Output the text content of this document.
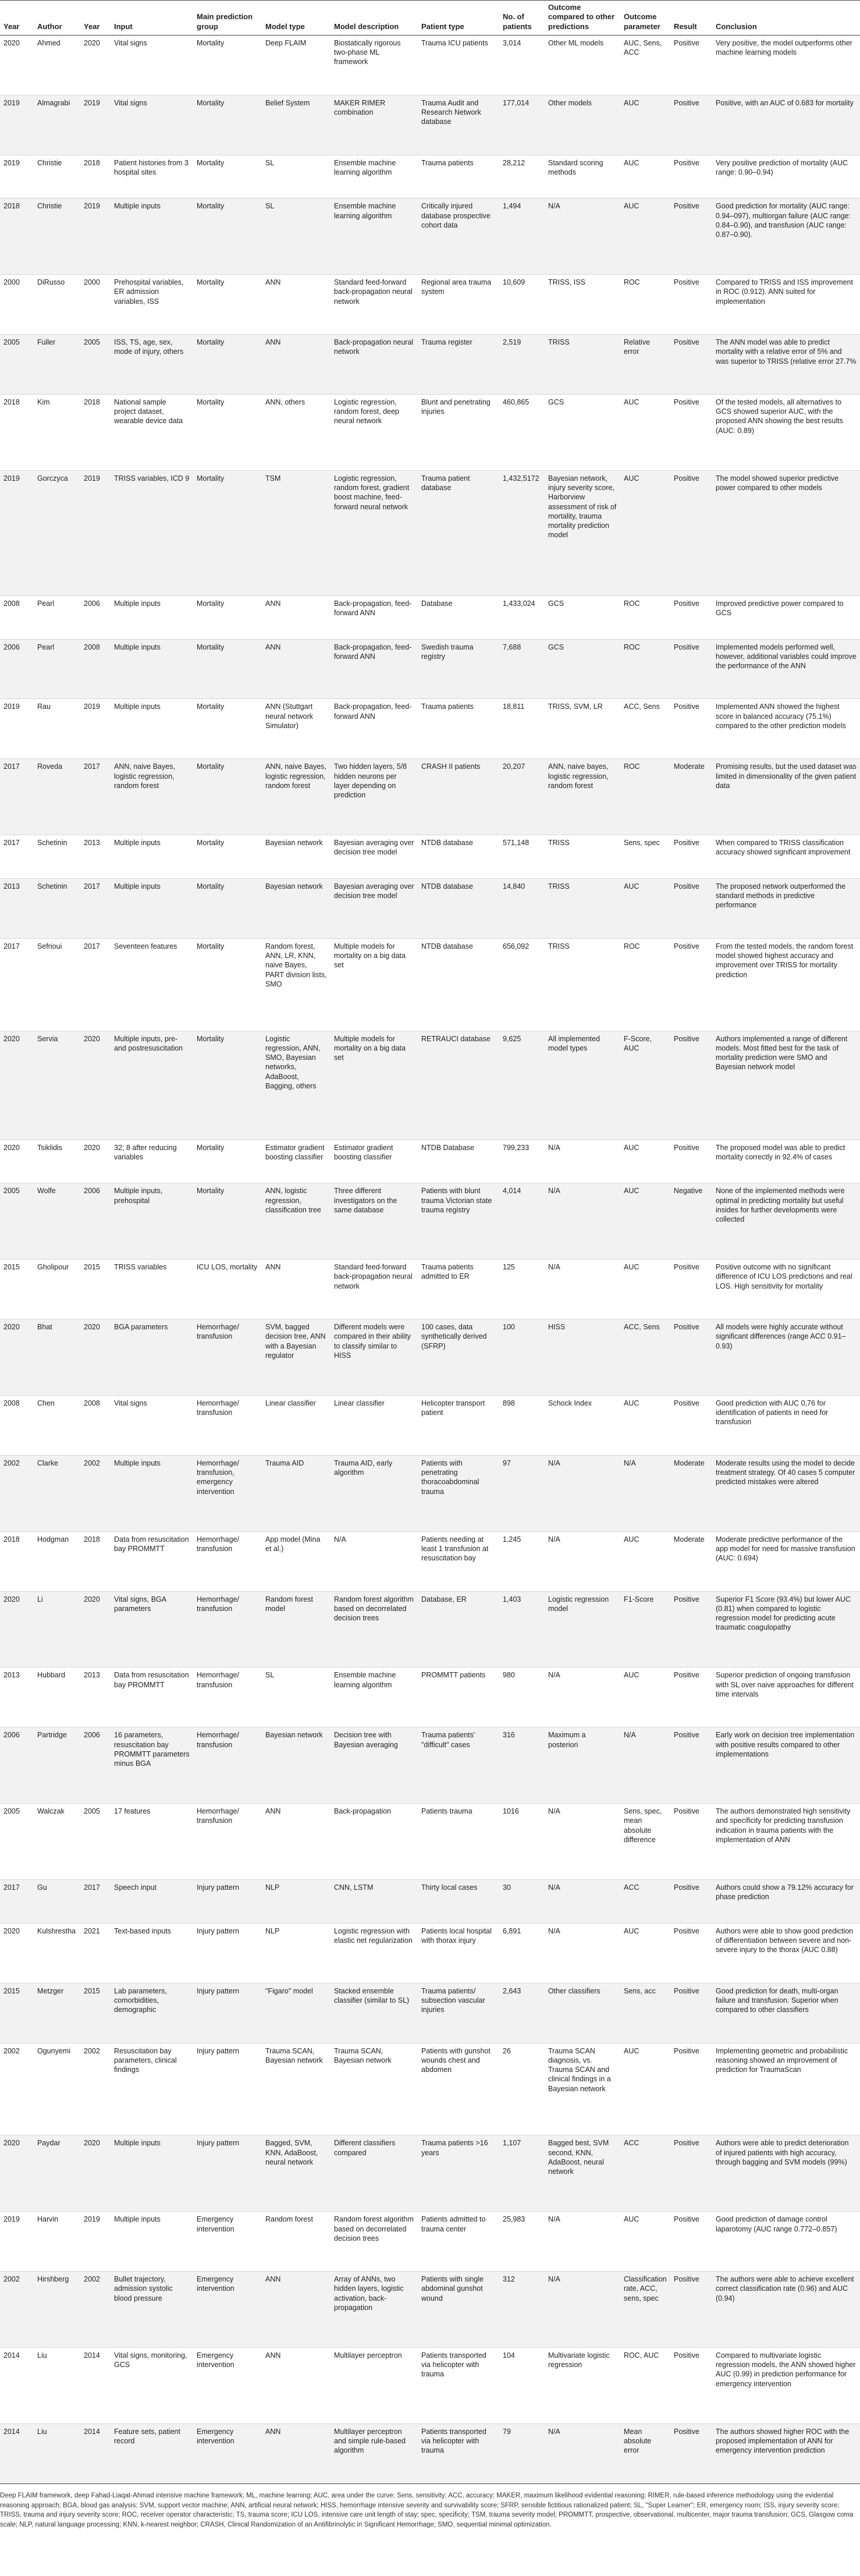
Year	Author	Year	Input	Main prediction group	Model type	Model description	Patient type	No. of patients	Outcome compared to other predictions	Outcome parameter	Result	Conclusion
2020	Ahmed	2020	Vital signs	Mortality	Deep FLAIM	Biostatically rigorous two-phase ML framework	Trauma ICU patients	3,014	Other ML models	AUC, Sens, ACC	Positive	Very positive, the model outperforms other machine learning models
2019	Almagrabi	2019	Vital signs	Mortality	Belief System	MAKER RIMER combination	Trauma Audit and Research Network database	177,014	Other models	AUC	Positive	Positive, with an AUC of 0.683 for mortality
2019	Christie	2018	Patient histories from 3 hospital sites	Mortality	SL	Ensemble machine learning algorithm	Trauma patients	28,212	Standard scoring methods	AUC	Positive	Very positive prediction of mortality (AUC range: 0.90–0.94)
2018	Christie	2019	Multiple inputs	Mortality	SL	Ensemble machine learning algorithm	Critically injured database prospective cohort data	1,494	N/A	AUC	Positive	Good prediction for mortality (AUC range: 0.94–097), multiorgan failure (AUC range: 0.84–0.90), and transfusion (AUC range: 0.87–0.90).
2000	DiRusso	2000	Prehospital variables, ER admission variables, ISS	Mortality	ANN	Standard feed-forward back-propagation neural network	Regional area trauma system	10,609	TRISS, ISS	ROC	Positive	Compared to TRISS and ISS improvement in ROC (0.912). ANN suited for implementation
2005	Fuller	2005	ISS, TS, age, sex, mode of injury, others	Mortality	ANN	Back-propagation neural network	Trauma register	2,519	TRISS	Relative error	Positive	The ANN model was able to predict mortality with a relative error of 5% and was superior to TRISS (relative error 27.7%
2018	Kim	2018	National sample project dataset, wearable device data	Mortality	ANN, others	Logistic regression, random forest, deep neural network	Blunt and penetrating injuries	460,865	GCS	AUC	Positive	Of the tested models, all alternatives to GCS showed superior AUC, with the proposed ANN showing the best results (AUC: 0.89)
2019	Gorczyca	2019	TRISS variables, ICD 9	Mortality	TSM	Logistic regression, random forest, gradient boost machine, feed-forward neural network	Trauma patient database	1,432,5172	Bayesian network, injury severity score, Harborview assessment of risk of mortality, trauma mortality prediction model	AUC	Positive	The model showed superior predictive power compared to other models
2008	Pearl	2006	Multiple inputs	Mortality	ANN	Back-propagation, feed-forward ANN	Database	1,433,024	GCS	ROC	Positive	Improved predictive power compared to GCS
2006	Pearl	2008	Multiple inputs	Mortality	ANN	Back-propagation, feed-forward ANN	Swedish trauma registry	7,688	GCS	ROC	Positive	Implemented models performed well, however, additional variables could improve the performance of the ANN
2019	Rau	2019	Multiple inputs	Mortality	ANN (Stuttgart neural network Simulator)	Back-propagation, feed-forward ANN	Trauma patients	18,811	TRISS, SVM, LR	ACC, Sens	Positive	Implemented ANN showed the highest score in balanced accuracy (75.1%) compared to the other prediction models
2017	Roveda	2017	ANN, naive Bayes, logistic regression, random forest	Mortality	ANN, naive Bayes, logistic regression, random forest	Two hidden layers, 5/8 hidden neurons per layer depending on prediction	CRASH II patients	20,207	ANN, naive bayes, logistic regression, random forest	ROC	Moderate	Promising results, but the used dataset was limited in dimensionality of the given patient data
2017	Schetinin	2013	Multiple inputs	Mortality	Bayesian network	Bayesian averaging over decision tree model	NTDB database	571,148	TRISS	Sens, spec	Positive	When compared to TRISS classification accuracy showed significant improvement
2013	Schetinin	2017	Multiple inputs	Mortality	Bayesian network	Bayesian averaging over decision tree model	NTDB database	14,840	TRISS	AUC	Positive	The proposed network outperformed the standard methods in predictive performance
2017	Sefrioui	2017	Seventeen features	Mortality	Random forest, ANN, LR, KNN, naive Bayes, PART division lists, SMO	Multiple models for mortality on a big data set	NTDB database	656,092	TRISS	ROC	Positive	From the tested models, the random forest model showed highest accuracy and improvement over TRISS for mortality prediction
2020	Servia	2020	Multiple inputs, pre- and postresuscitation	Mortality	Logistic regression, ANN, SMO, Bayesian networks, AdaBoost, Bagging, others	Multiple models for mortality on a big data set	RETRAUCI database	9,625	All implemented model types	F-Score, AUC	Positive	Authors implemented a range of different models. Most fitted best for the task of mortality prediction were SMO and Bayesian network model
2020	Tsiklidis	2020	32; 8 after reducing variables	Mortality	Estimator gradient boosting classifier	Estimator gradient boosting classifier	NTDB Database	799,233	N/A	AUC	Positive	The proposed model was able to predict mortality correctly in 92.4% of cases
2005	Wolfe	2006	Multiple inputs, prehospital	Mortality	ANN, logistic regression, classification tree	Three different investigators on the same database	Patients with blunt trauma Victorian state trauma registry	4,014	N/A	AUC	Negative	None of the implemented methods were optimal in predicting mortality but useful insides for further developments were collected
2015	Gholipour	2015	TRISS variables	ICU LOS, mortality	ANN	Standard feed-forward back-propagation neural network	Trauma patients admitted to ER	125	N/A	AUC	Positive	Positive outcome with no significant difference of ICU LOS predictions and real LOS. High sensitivity for mortality
2020	Bhat	2020	BGA parameters	Hemorrhage/ transfusion	SVM, bagged decision tree, ANN with a Bayesian regulator	Different models were compared in their ability to classify similar to HISS	100 cases, data synthetically derived (SFRP)	100	HISS	ACC, Sens	Positive	All models were highly accurate without significant differences (range ACC 0.91–0.93)
2008	Chen	2008	Vital signs	Hemorrhage/ transfusion	Linear classifier	Linear classifier	Helicopter transport patient	898	Schock Index	AUC	Positive	Good prediction with AUC 0,76 for identification of patients in need for transfusion
2002	Clarke	2002	Multiple inputs	Hemorrhage/ transfusion, emergency intervention	Trauma AID	Trauma AID, early algorithm	Patients with penetrating thoracoabdominal trauma	97	N/A	N/A	Moderate	Moderate results using the model to decide treatment strategy. Of 40 cases 5 computer predicted mistakes were altered
2018	Hodgman	2018	Data from resuscitation bay PROMMTT	Hemorrhage/ transfusion	App model (Mina et al.)	N/A	Patients needing at least 1 transfusion at resuscitation bay	1,245	N/A	AUC	Moderate	Moderate predictive performance of the app model for need for massive transfusion (AUC: 0.694)
2020	Li	2020	Vital signs, BGA parameters	Hemorrhage/ transfusion	Random forest model	Random forest algorithm based on decorrelated decision trees	Database, ER	1,403	Logistic regression model	F1-Score	Positive	Superior F1 Score (93.4%) but lower AUC (0.81) when compared to logistic regression model for predicting acute traumatic coagulopathy
2013	Hubbard	2013	Data from resuscitation bay PROMMTT	Hemorrhage/ transfusion	SL	Ensemble machine learning algorithm	PROMMTT patients	980	N/A	AUC	Positive	Superior prediction of ongoing transfusion with SL over naive approaches for different time intervals
2006	Partridge	2006	16 parameters, resuscitation bay PROMMTT parameters minus BGA	Hemorrhage/ transfusion	Bayesian network	Decision tree with Bayesian averaging	Trauma patients' "difficult" cases	316	Maximum a posteriori	N/A	Positive	Early work on decision tree implementation with positive results compared to other implementations
2005	Walczak	2005	17 features	Hemorrhage/ transfusion	ANN	Back-propagation	Patients trauma	1016	N/A	Sens, spec, mean absolute difference	Positive	The authors demonstrated high sensitivity and specificity for predicting transfusion indication in trauma patients with the implementation of ANN
2017	Gu	2017	Speech input	Injury pattern	NLP	CNN, LSTM	Thirty local cases	30	N/A	ACC	Positive	Authors could show a 79.12% accuracy for phase prediction
2020	Kulshrestha	2021	Text-based inputs	Injury pattern	NLP	Logistic regression with elastic net regularization	Patients local hospital with thorax injury	6,891	N/A	AUC	Positive	Authors were able to show good prediction of differentiation between severe and non-severe injury to the thorax (AUC 0.88)
2015	Metzger	2015	Lab parameters, comorbidities, demographic	Injury pattern	"Figaro" model	Stacked ensemble classifier (similar to SL)	Trauma patients/ subsection vascular injuries	2,643	Other classifiers	Sens, acc	Positive	Good prediction for death, multi-organ failure and transfusion. Superior when compared to other classifiers
2002	Ogunyemi	2002	Resuscitation bay parameters, clinical findings	Injury pattern	Trauma SCAN, Bayesian network	Trauma SCAN, Bayesian network	Patients with gunshot wounds chest and abdomen	26	Trauma SCAN diagnosis, vs. Trauma SCAN and clinical findings in a Bayesian network	AUC	Positive	Implementing geometric and probabilistic reasoning showed an improvement of prediction for TraumaScan
2020	Paydar	2020	Multiple inputs	Injury pattern	Bagged, SVM, KNN, AdaBoost, neural network	Different classifiers compared	Trauma patients >16 years	1,107	Bagged best, SVM second, KNN, AdaBoost, neural network	ACC	Positive	Authors were able to predict deterioration of injured patients with high accuracy, through bagging and SVM models (99%)
2019	Harvin	2019	Multiple inputs	Emergency intervention	Random forest	Random forest algorithm based on decorrelated decision trees	Patients admitted to trauma center	25,983	N/A	AUC	Positive	Good prediction of damage control laparotomy (AUC range 0.772–0.857)
2002	Hirshberg	2002	Bullet trajectory, admission systolic blood pressure	Emergency intervention	ANN	Array of ANNs, two hidden layers, logistic activation, back-propagation	Patients with single abdominal gunshot wound	312	N/A	Classification rate, ACC, sens, spec	Positive	The authors were able to achieve excellent correct classification rate (0.96) and AUC (0.94)
2014	Liu	2014	Vital signs, monitoring, GCS	Emergency intervention	ANN	Multilayer perceptron	Patients transported via helicopter with trauma	104	Multivariate logistic regression	ROC, AUC	Positive	Compared to multivariate logistic regression models, the ANN showed higher AUC (0.99) in prediction performance for emergency intervention
2014	Liu	2014	Feature sets, patient record	Emergency intervention	ANN	Multilayer perceptron and simple rule-based algorithm	Patients transported via helicopter with trauma	79	N/A	Mean absolute error	Positive	The authors showed higher ROC with the proposed implementation of ANN for emergency intervention prediction
Deep FLAIM framework, deep Fahad-Liaqat-Ahmad intensive machine framework; ML, machine learning; AUC, area under the curve; Sens, sensitivity; ACC, accuracy; MAKER, maximum likelihood evidential reasoning; RIMER, rule-based inference methodology using the evidential reasoning approach; BGA, blood gas analysis; SVM, support vector machine; ANN, artificial neural network; HISS, hemorrhage intensive severity and survivability score; SFRP, sensible fictitious rationalized patient; SL, "Super Learner"; ER, emergency room; ISS, injury severity score; TRISS, trauma and injury severity score; ROC, receiver operator characteristic; TS, trauma score; ICU LOS, intensive care unit length of stay; spec, specificity; TSM, trauma severity model; PROMMTT, prospective, observational, multicenter, major trauma transfusion; GCS, Glasgow coma scale; NLP, natural language processing; KNN, k-nearest neighbor; CRASH, Clinical Randomization of an Antifibrinolytic in Significant Hemorrhage; SMO, sequential minimal optimization.
